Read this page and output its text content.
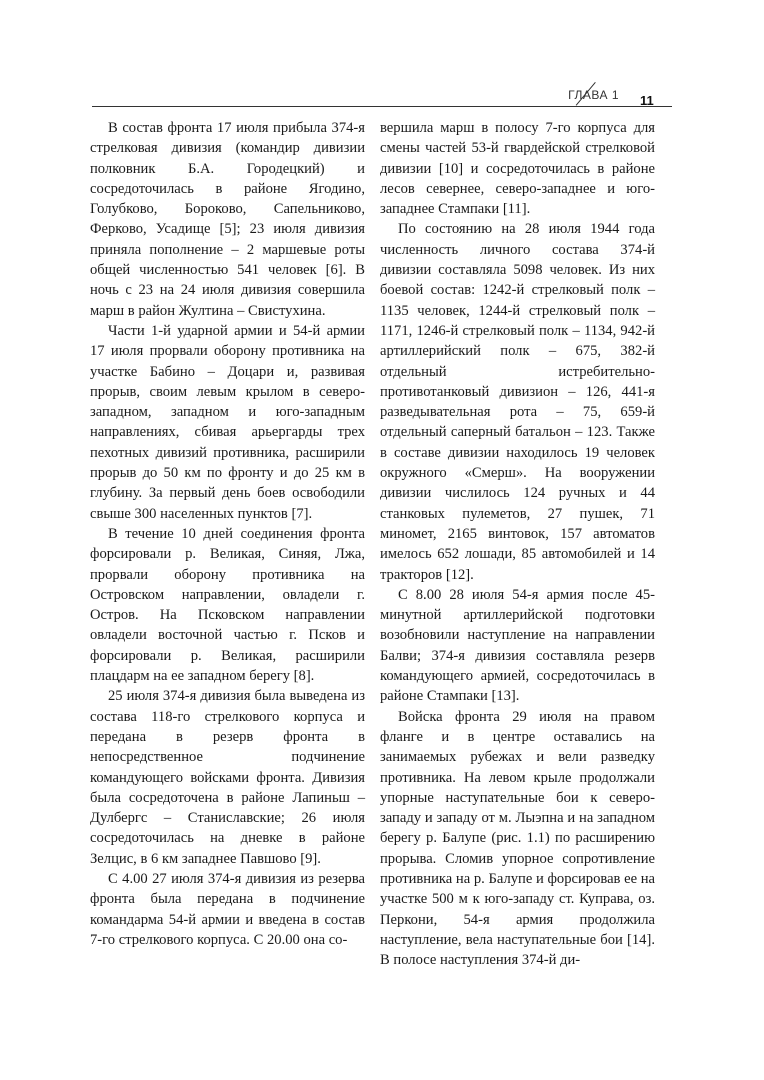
ГЛАВА 1 11

В состав фронта 17 июля прибыла 374-я стрелковая дивизия (командир дивизии полковник Б.А. Городецкий) и сосредоточилась в районе Ягодино, Голубково, Бороково, Сапельниково, Ферково, Усадище [5]; 23 июля дивизия приняла пополнение – 2 маршевые роты общей численностью 541 человек [6]. В ночь с 23 на 24 июля дивизия совершила марш в район Жултина – Свистухина.

Части 1-й ударной армии и 54-й армии 17 июля прорвали оборону противника на участке Бабино – Доцари и, развивая прорыв, своим левым крылом в северо-западном, западном и юго-западным направлениях, сбивая арьергарды трех пехотных дивизий противника, расширили прорыв до 50 км по фронту и до 25 км в глубину. За первый день боев освободили свыше 300 населенных пунктов [7].

В течение 10 дней соединения фронта форсировали р. Великая, Синяя, Лжа, прорвали оборону противника на Островском направлении, овладели г. Остров. На Псковском направлении овладели восточной частью г. Псков и форсировали р. Великая, расширили плацдарм на ее западном берегу [8].

25 июля 374-я дивизия была выведена из состава 118-го стрелкового корпуса и передана в резерв фронта в непосредственное подчинение командующего войсками фронта. Дивизия была сосредоточена в районе Лапиньш – Дулбергс – Станиславские; 26 июля сосредоточилась на дневке в районе Зелцис, в 6 км западнее Павшово [9].

С 4.00 27 июля 374-я дивизия из резерва фронта была передана в подчинение командарма 54-й армии и введена в состав 7-го стрелкового корпуса. С 20.00 она со-

вершила марш в полосу 7-го корпуса для смены частей 53-й гвардейской стрелковой дивизии [10] и сосредоточилась в районе лесов севернее, северо-западнее и юго-западнее Стампаки [11].

По состоянию на 28 июля 1944 года численность личного состава 374-й дивизии составляла 5098 человек. Из них боевой состав: 1242-й стрелковый полк – 1135 человек, 1244-й стрелковый полк – 1171, 1246-й стрелковый полк – 1134, 942-й артиллерийский полк – 675, 382-й отдельный истребительно-противотанковый дивизион – 126, 441-я разведывательная рота – 75, 659-й отдельный саперный батальон – 123. Также в составе дивизии находилось 19 человек окружного «Смерш». На вооружении дивизии числилось 124 ручных и 44 станковых пулеметов, 27 пушек, 71 миномет, 2165 винтовок, 157 автоматов имелось 652 лошади, 85 автомобилей и 14 тракторов [12].

С 8.00 28 июля 54-я армия после 45-минутной артиллерийской подготовки возобновили наступление на направлении Балви; 374-я дивизия составляла резерв командующего армией, сосредоточилась в районе Стампаки [13].

Войска фронта 29 июля на правом фланге и в центре оставались на занимаемых рубежах и вели разведку противника. На левом крыле продолжали упорные наступательные бои к северо-западу и западу от м. Лыэпна и на западном берегу р. Балупе (рис. 1.1) по расширению прорыва. Сломив упорное сопротивление противника на р. Балупе и форсировав ее на участке 500 м к юго-западу ст. Куправа, оз. Перкони, 54-я армия продолжила наступление, вела наступательные бои [14]. В полосе наступления 374-й ди-
